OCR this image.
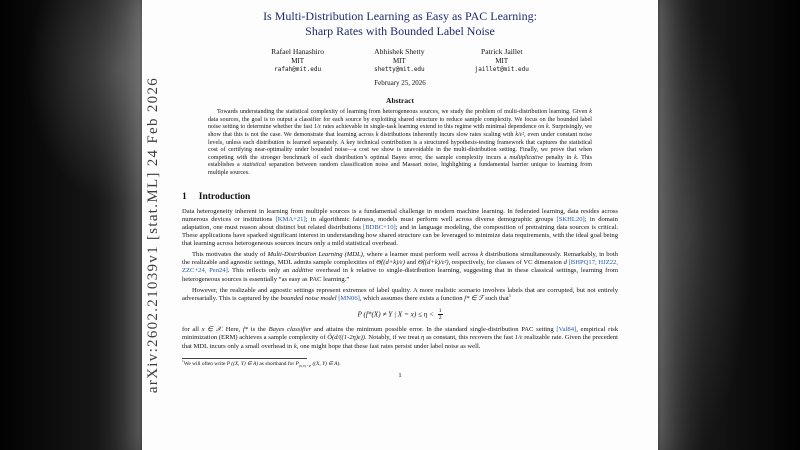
Is Multi-Distribution Learning as Easy as PAC Learning:
Sharp Rates with Bounded Label Noise
Rafael Hanashiro
MIT
rafah@mit.edu
Abhishek Shetty
MIT
shetty@mit.edu
Patrick Jaillet
MIT
jaillet@mit.edu
February 25, 2026
Abstract

Towards understanding the statistical complexity of learning from heterogeneous sources, we study the problem of multi-distribution learning. Given k data sources, the goal is to output a classifier for each source by exploiting shared structure to reduce sample complexity. We focus on the bounded label noise setting to determine whether the fast 1/ε rates achievable in single-task learning extend to this regime with minimal dependence on k. Surprisingly, we show that this is not the case. We demonstrate that learning across k distributions inherently incurs slow rates scaling with k/ε², even under constant noise levels, unless each distribution is learned separately. A key technical contribution is a structured hypothesis-testing framework that captures the statistical cost of certifying near-optimality under bounded noise—a cost we show is unavoidable in the multi-distribution setting. Finally, we prove that when competing with the stronger benchmark of each distribution’s optimal Bayes error, the sample complexity incurs a multiplicative penalty in k. This establishes a statistical separation between random classification noise and Massart noise, highlighting a fundamental barrier unique to learning from multiple sources.

1 Introduction

Data heterogeneity inherent in learning from multiple sources is a fundamental challenge in modern machine learning. In federated learning, data resides across numerous devices or institutions [KMA+21]; in algorithmic fairness, models must perform well across diverse demographic groups [SKHL20]; in domain adaptation, one must reason about distinct but related distributions [BDBC+10]; and in language modeling, the composition of pretraining data sources is critical. These applications have sparked significant interest in understanding how shared structure can be leveraged to minimize data requirements, with the ideal goal being that learning across heterogeneous sources incurs only a mild statistical overhead.

This motivates the study of Multi-Distribution Learning (MDL), where a learner must perform well across k distributions simultaneously. Remarkably, in both the realizable and agnostic settings, MDL admits sample complexities of Θ̃((d+k)/ε) and Θ̃((d+k)/ε²), respectively, for classes of VC dimension d [BHPQ17, HJZ22, ZZC+24, Pen24]. This reflects only an additive overhead in k relative to single-distribution learning, suggesting that in these classical settings, learning from heterogeneous sources is essentially “as easy as PAC learning.”

However, the realizable and agnostic settings represent extremes of label quality. A more realistic scenario involves labels that are corrupted, but not entirely adversarially. This is captured by the bounded noise model [MN06], which assumes there exists a function f* ∈ ℱ such that$^1$

P (f*(X) ≠ Y | $X = x) \le \eta < \frac{1}{2}$

for all x ∈ 𝒳. Here, f* is the Bayes classifier and attains the minimum possible error. In the standard single-distribution PAC setting [Val84], empirical risk minimization (ERM) achieves a sample complexity of Õ(d/((1-2η)ε)). Notably, if we treat η as constant, this recovers the fast 1/ε realizable rate. Given the precedent that MDL incurs only a small overhead in k, one might hope that these fast rates persist under label noise as well.

$^1$We will often write P ((X, Y) ∈ A) as shorthand for $P_{(X,Y)\sim P}$ ((X, Y) ∈ A).

1
arXiv:2602.21039v1 [stat.ML] 24 Feb 2026
